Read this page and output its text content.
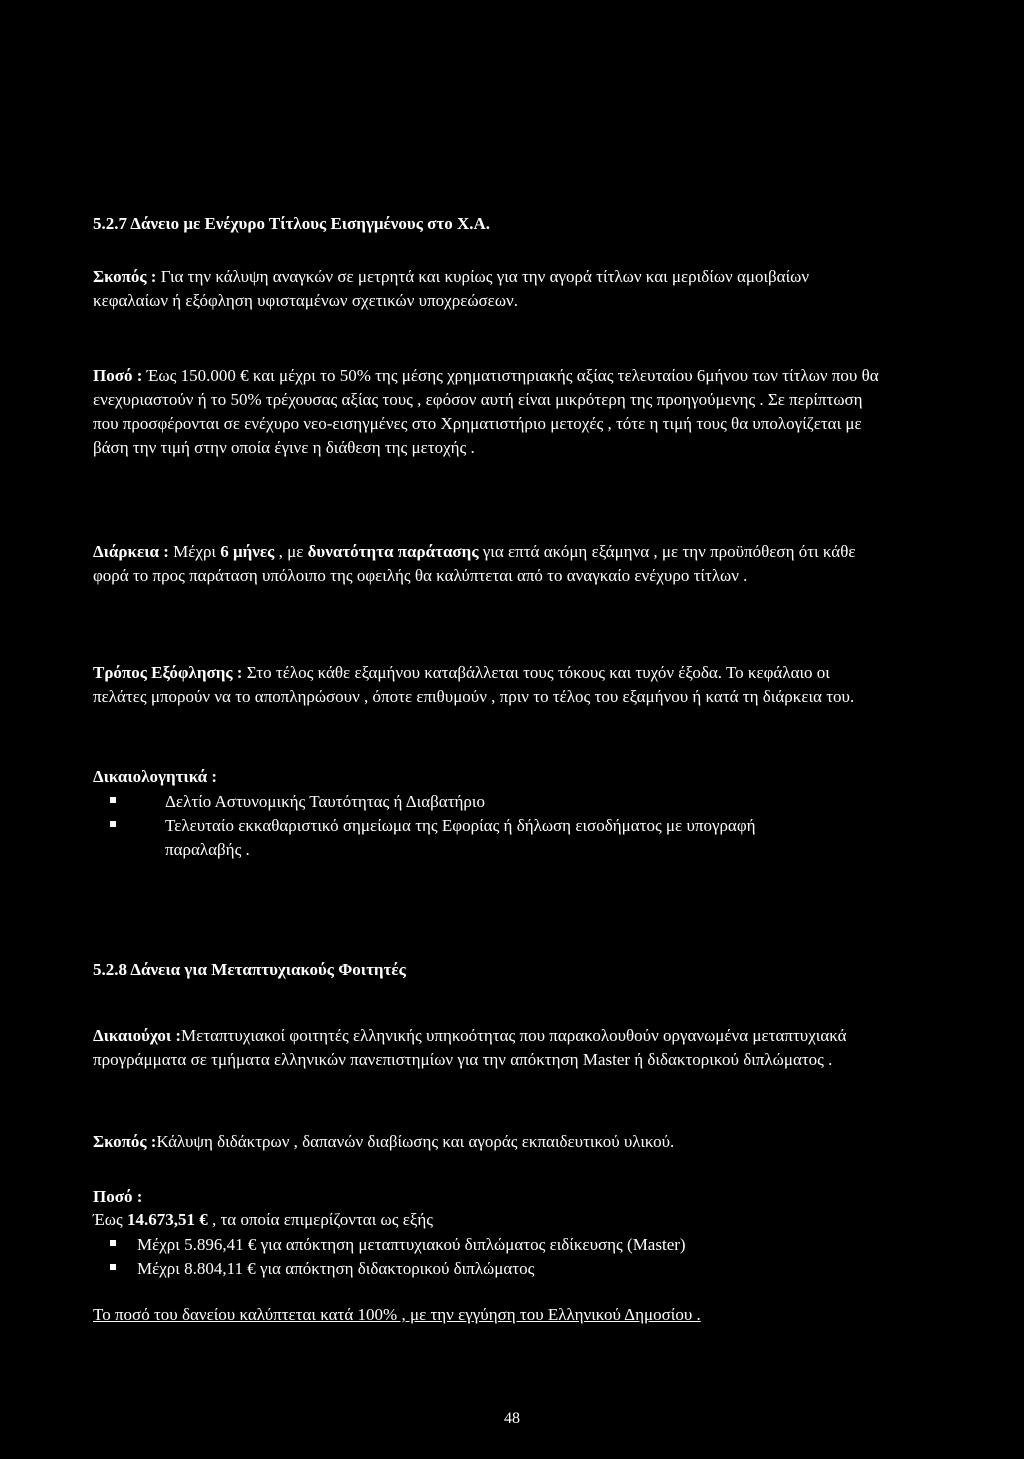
5.2.7 Δάνειο με Ενέχυρο Τίτλους Εισηγμένους στο Χ.Α.

Σκοπός : Για την κάλυψη αναγκών σε μετρητά και κυρίως για την αγορά τίτλων και μεριδίων αμοιβαίων κεφαλαίων ή εξόφληση υφισταμένων σχετικών υποχρεώσεων.

Ποσό : Έως 150.000 € και μέχρι το 50% της μέσης χρηματιστηριακής αξίας τελευταίου 6μήνου των τίτλων που θα ενεχυριαστούν ή το 50% τρέχουσας αξίας τους , εφόσον αυτή είναι μικρότερη της προηγούμενης . Σε περίπτωση που προσφέρονται σε ενέχυρο νεο-εισηγμένες στο Χρηματιστήριο μετοχές , τότε η τιμή τους θα υπολογίζεται με βάση την τιμή στην οποία έγινε η διάθεση της μετοχής .

Διάρκεια : Μέχρι 6 μήνες , με δυνατότητα παράτασης για επτά ακόμη εξάμηνα , με την προϋπόθεση ότι κάθε φορά το προς παράταση υπόλοιπο της οφειλής θα καλύπτεται από το αναγκαίο ενέχυρο τίτλων .

Τρόπος Εξόφλησης : Στο τέλος κάθε εξαμήνου καταβάλλεται τους τόκους και τυχόν έξοδα. Το κεφάλαιο οι πελάτες μπορούν να το αποπληρώσουν , όποτε επιθυμούν , πριν το τέλος του εξαμήνου ή κατά τη διάρκεια του.

Δικαιολογητικά :
Δελτίο Αστυνομικής Ταυτότητας ή Διαβατήριο
Τελευταίο εκκαθαριστικό σημείωμα της Εφορίας ή δήλωση εισοδήματος με υπογραφή παραλαβής .
5.2.8 Δάνεια για Μεταπτυχιακούς Φοιτητές

Δικαιούχοι :Μεταπτυχιακοί φοιτητές ελληνικής υπηκοότητας που παρακολουθούν οργανωμένα μεταπτυχιακά προγράμματα σε τμήματα ελληνικών πανεπιστημίων για την απόκτηση Master ή διδακτορικού διπλώματος .

Σκοπός :Κάλυψη διδάκτρων , δαπανών διαβίωσης και αγοράς εκπαιδευτικού υλικού.

Ποσό :

Έως 14.673,51 € , τα οποία επιμερίζονται ως εξής

Μέχρι 5.896,41 € για απόκτηση μεταπτυχιακού διπλώματος ειδίκευσης (Master)
Μέχρι 8.804,11 € για απόκτηση διδακτορικού διπλώματος

Το ποσό του δανείου καλύπτεται κατά 100% , με την εγγύηση του Ελληνικού Δημοσίου .

48
